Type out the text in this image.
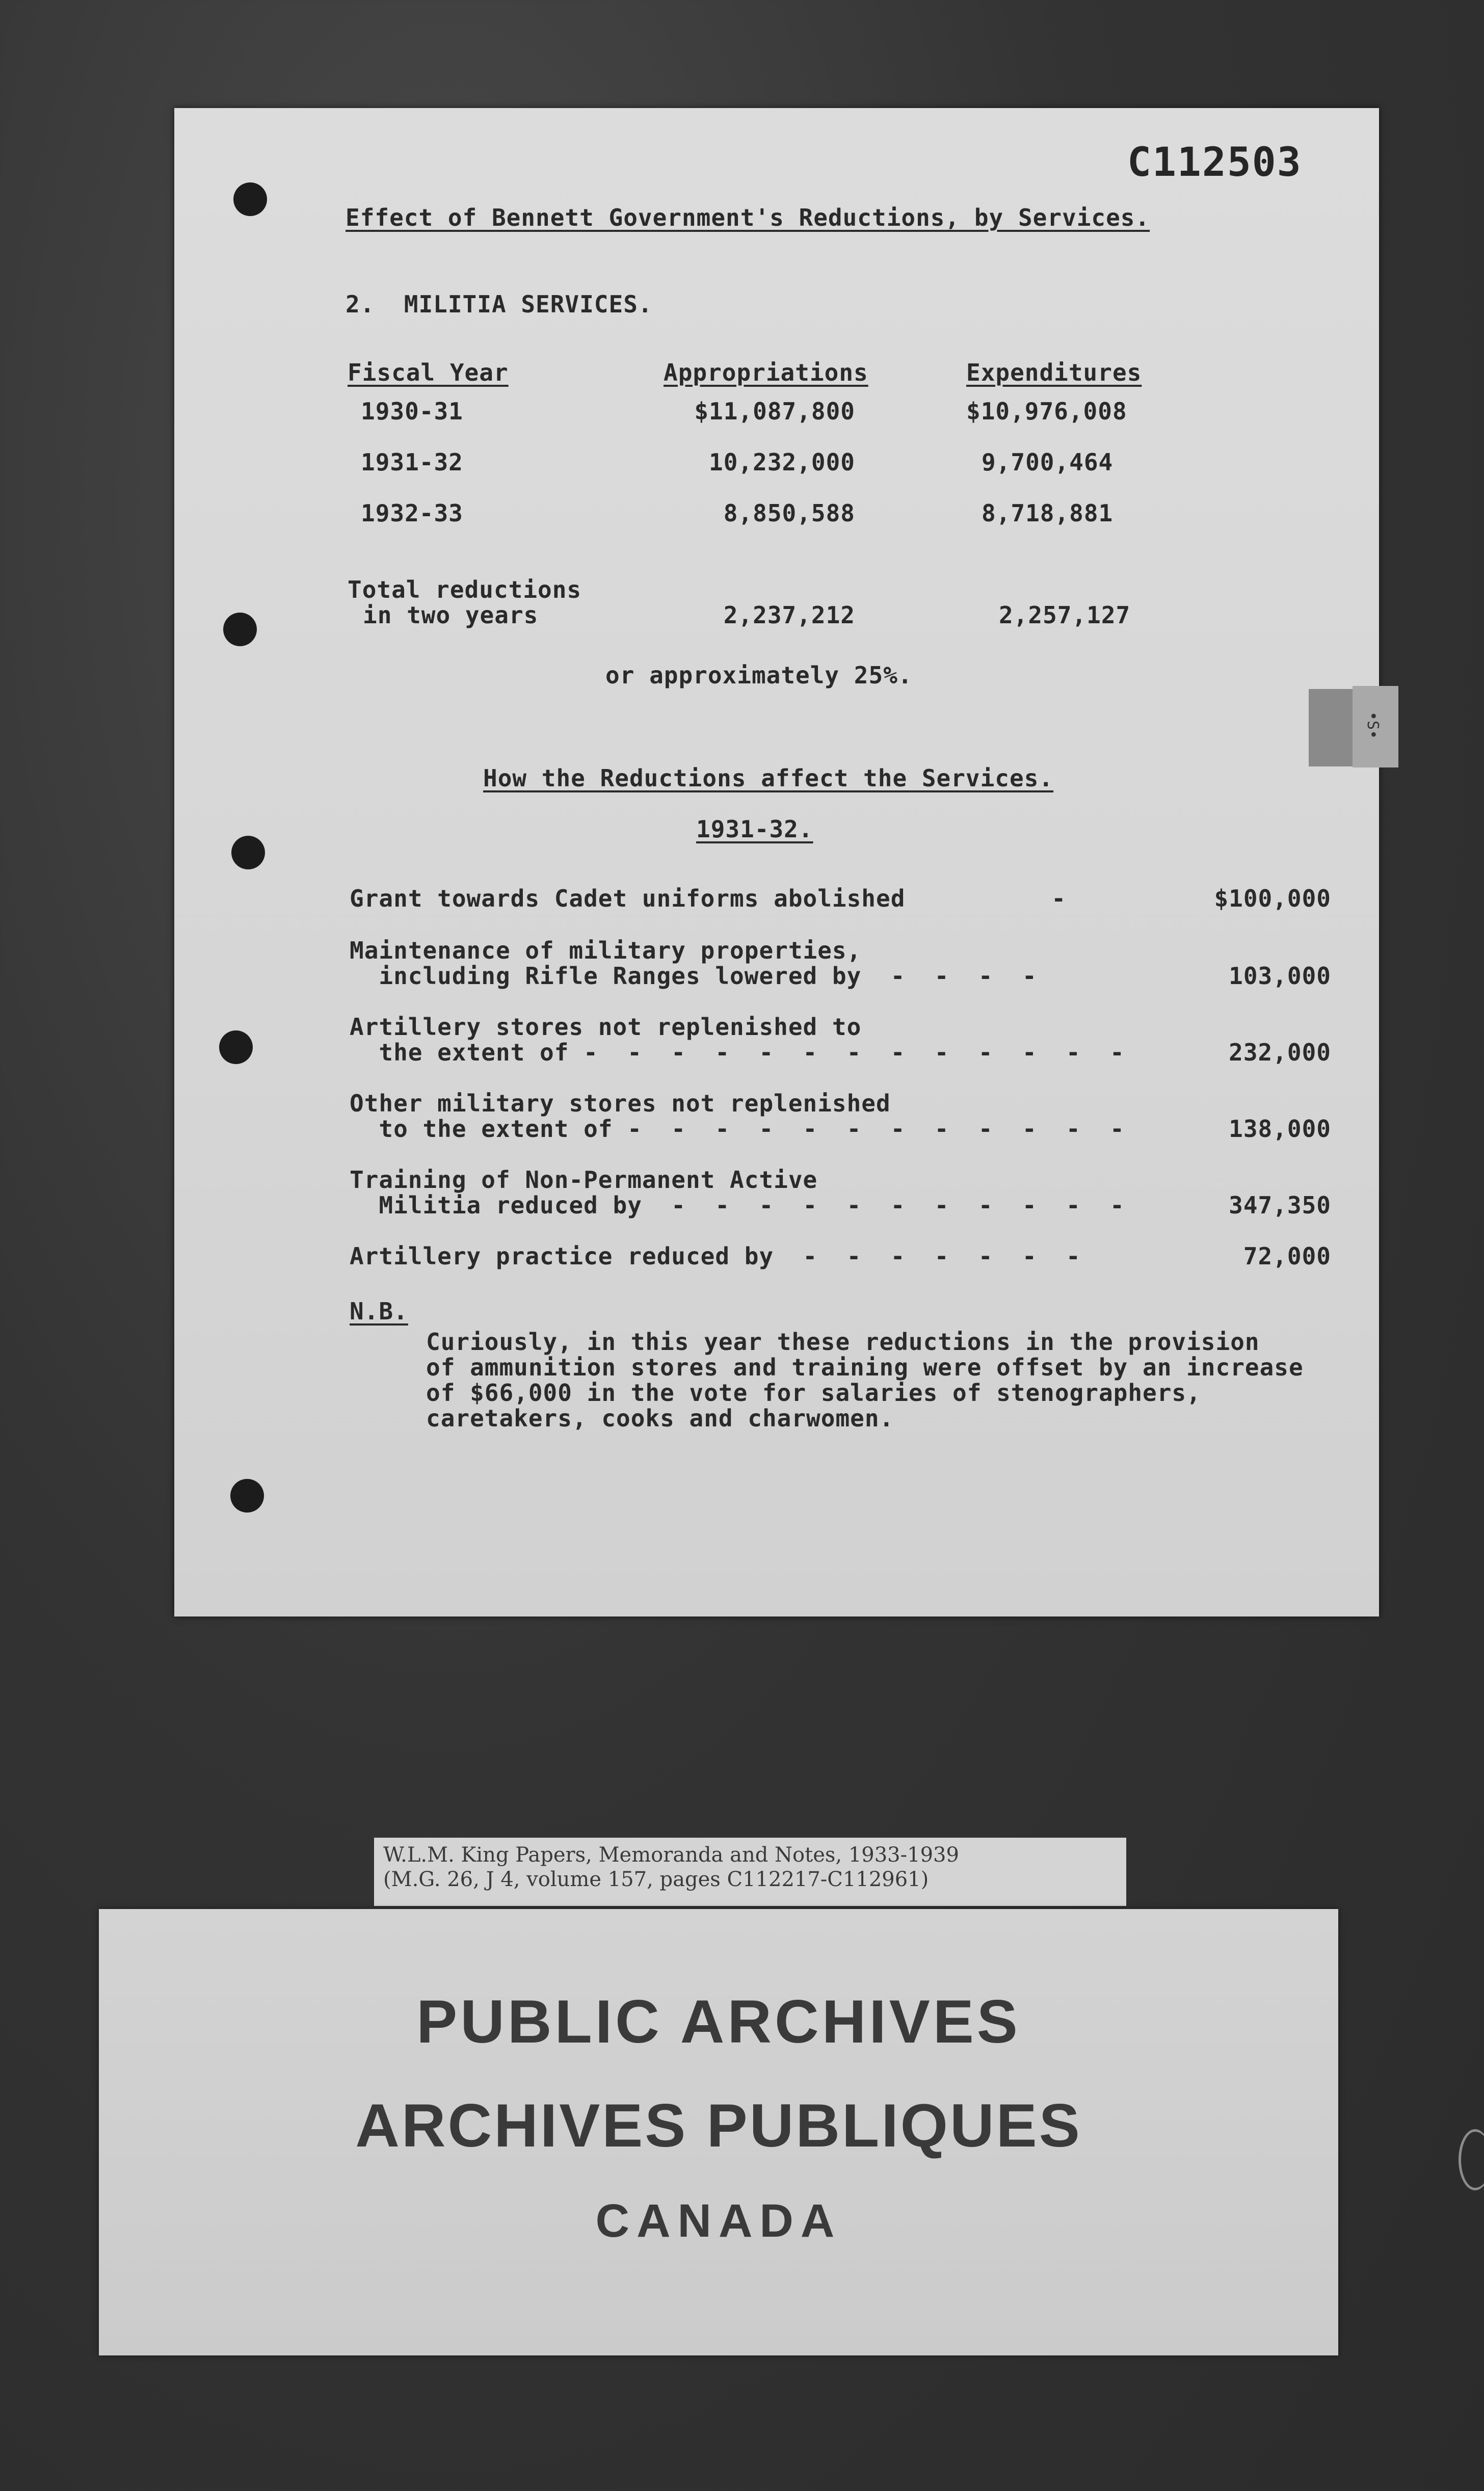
C112503
Effect of Bennett Government's Reductions, by Services.
2.  MILITIA SERVICES.
Fiscal Year	Appropriations	Expenditures
1930-31	$11,087,800	$10,976,008
1931-32	10,232,000	9,700,464
1932-33	8,850,588	8,718,881
Total reductions
in two years	2,237,212	2,257,127
or approximately 25%.
How the Reductions affect the Services.
1931-32.
Grant towards Cadet uniforms abolished          -	$100,000
Maintenance of military properties,
including Rifle Ranges lowered by  -  -  -  -	103,000
Artillery stores not replenished to
the extent of -  -  -  -  -  -  -  -  -  -  -  -  -	232,000
Other military stores not replenished
to the extent of -  -  -  -  -  -  -  -  -  -  -  -	138,000
Training of Non-Permanent Active
Militia reduced by  -  -  -  -  -  -  -  -  -  -  -	347,350
Artillery practice reduced by  -  -  -  -  -  -  -	72,000
N.B.
Curiously, in this year these reductions in the provision
of ammunition stores and training were offset by an increase
of $66,000 in the vote for salaries of stenographers,
caretakers, cooks and charwomen.
•S•
W.L.M. King Papers, Memoranda and Notes, 1933-1939
(M.G. 26, J 4, volume 157, pages C112217-C112961)
PUBLIC ARCHIVES
ARCHIVES PUBLIQUES
CANADA
